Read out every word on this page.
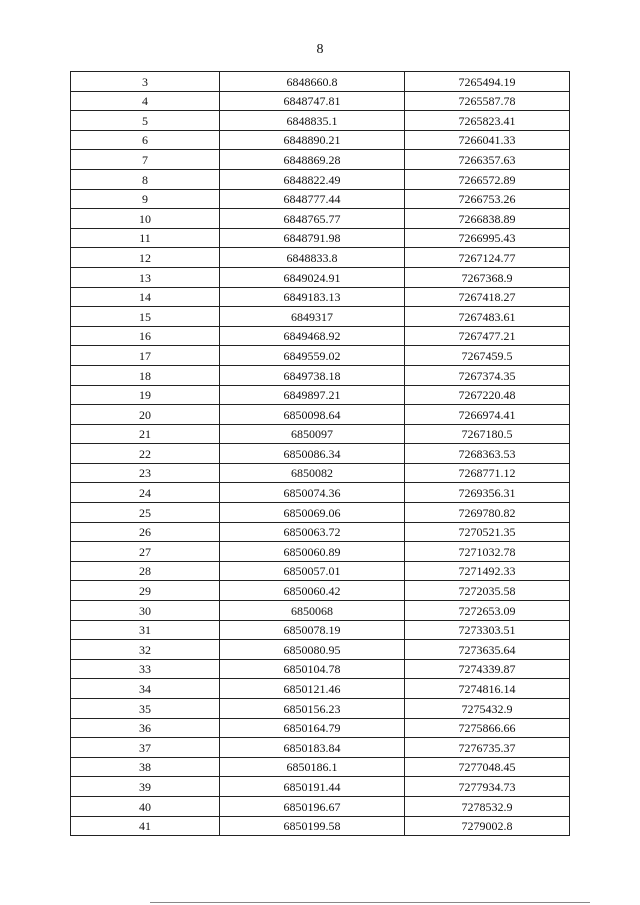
8
3	6848660.8	7265494.19
4	6848747.81	7265587.78
5	6848835.1	7265823.41
6	6848890.21	7266041.33
7	6848869.28	7266357.63
8	6848822.49	7266572.89
9	6848777.44	7266753.26
10	6848765.77	7266838.89
11	6848791.98	7266995.43
12	6848833.8	7267124.77
13	6849024.91	7267368.9
14	6849183.13	7267418.27
15	6849317	7267483.61
16	6849468.92	7267477.21
17	6849559.02	7267459.5
18	6849738.18	7267374.35
19	6849897.21	7267220.48
20	6850098.64	7266974.41
21	6850097	7267180.5
22	6850086.34	7268363.53
23	6850082	7268771.12
24	6850074.36	7269356.31
25	6850069.06	7269780.82
26	6850063.72	7270521.35
27	6850060.89	7271032.78
28	6850057.01	7271492.33
29	6850060.42	7272035.58
30	6850068	7272653.09
31	6850078.19	7273303.51
32	6850080.95	7273635.64
33	6850104.78	7274339.87
34	6850121.46	7274816.14
35	6850156.23	7275432.9
36	6850164.79	7275866.66
37	6850183.84	7276735.37
38	6850186.1	7277048.45
39	6850191.44	7277934.73
40	6850196.67	7278532.9
41	6850199.58	7279002.8
